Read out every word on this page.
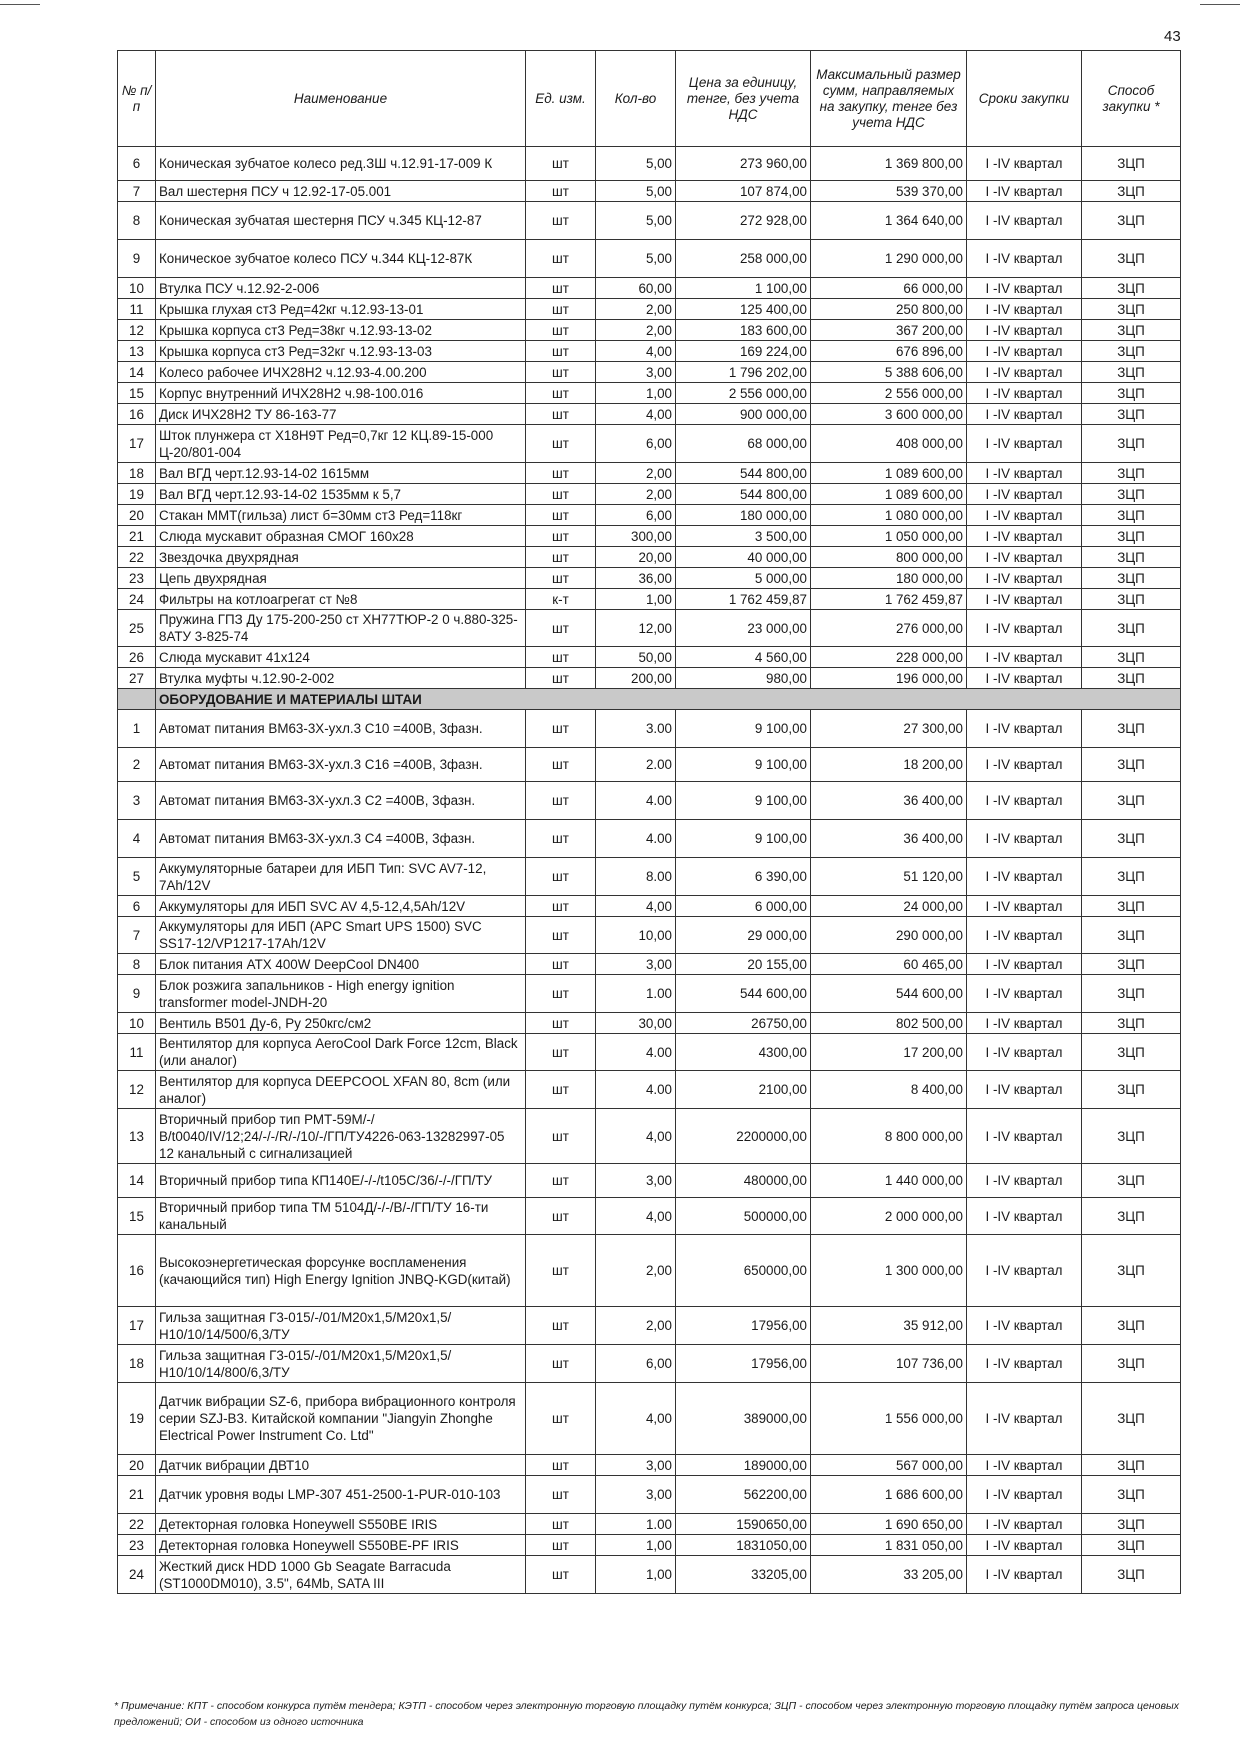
43
№ п/п	Наименование	Ед. изм.	Кол-во	Цена за единицу, тенге, без учета НДС	Максимальный размер сумм, направляемых на закупку, тенге без учета НДС	Сроки закупки	Способ закупки *
6	Коническая зубчатое колесо ред.ЗШ ч.12.91-17-009 К	шт	5,00	273 960,00	1 369 800,00	I -IV квартал	ЗЦП
7	Вал шестерня ПСУ ч 12.92-17-05.001	шт	5,00	107 874,00	539 370,00	I -IV квартал	ЗЦП
8	Коническая зубчатая шестерня ПСУ ч.345 КЦ-12-87	шт	5,00	272 928,00	1 364 640,00	I -IV квартал	ЗЦП
9	Коническое зубчатое колесо ПСУ ч.344 КЦ-12-87К	шт	5,00	258 000,00	1 290 000,00	I -IV квартал	ЗЦП
10	Втулка ПСУ ч.12.92-2-006	шт	60,00	1 100,00	66 000,00	I -IV квартал	ЗЦП
11	Крышка глухая ст3 Ред=42кг ч.12.93-13-01	шт	2,00	125 400,00	250 800,00	I -IV квартал	ЗЦП
12	Крышка корпуса ст3 Ред=38кг ч.12.93-13-02	шт	2,00	183 600,00	367 200,00	I -IV квартал	ЗЦП
13	Крышка корпуса ст3 Ред=32кг ч.12.93-13-03	шт	4,00	169 224,00	676 896,00	I -IV квартал	ЗЦП
14	Колесо рабочее ИЧХ28Н2 ч.12.93-4.00.200	шт	3,00	1 796 202,00	5 388 606,00	I -IV квартал	ЗЦП
15	Корпус внутренний ИЧХ28Н2 ч.98-100.016	шт	1,00	2 556 000,00	2 556 000,00	I -IV квартал	ЗЦП
16	Диск ИЧХ28Н2 ТУ 86-163-77	шт	4,00	900 000,00	3 600 000,00	I -IV квартал	ЗЦП
17	Шток плунжера ст Х18Н9Т Ред=0,7кг 12 КЦ.89-15-000 Ц-20/801-004	шт	6,00	68 000,00	408 000,00	I -IV квартал	ЗЦП
18	Вал ВГД черт.12.93-14-02 1615мм	шт	2,00	544 800,00	1 089 600,00	I -IV квартал	ЗЦП
19	Вал ВГД черт.12.93-14-02 1535мм к 5,7	шт	2,00	544 800,00	1 089 600,00	I -IV квартал	ЗЦП
20	Стакан ММТ(гильза) лист б=30мм ст3 Ред=118кг	шт	6,00	180 000,00	1 080 000,00	I -IV квартал	ЗЦП
21	Слюда мускавит образная СМОГ 160х28	шт	300,00	3 500,00	1 050 000,00	I -IV квартал	ЗЦП
22	Звездочка двухрядная	шт	20,00	40 000,00	800 000,00	I -IV квартал	ЗЦП
23	Цепь двухрядная	шт	36,00	5 000,00	180 000,00	I -IV квартал	ЗЦП
24	Фильтры на котлоагрегат ст №8	к-т	1,00	1 762 459,87	1 762 459,87	I -IV квартал	ЗЦП
25	Пружина ГПЗ Ду 175-200-250 ст ХН77ТЮР-2 0 ч.880-325-8АТУ 3-825-74	шт	12,00	23 000,00	276 000,00	I -IV квартал	ЗЦП
26	Слюда мускавит 41х124	шт	50,00	4 560,00	228 000,00	I -IV квартал	ЗЦП
27	Втулка муфты ч.12.90-2-002	шт	200,00	980,00	196 000,00	I -IV квартал	ЗЦП
	ОБОРУДОВАНИЕ И МАТЕРИАЛЫ ШТАИ						
1	Автомат питания ВМ63-3Х-ухл.3 С10 =400В, 3фазн.	шт	3.00	9 100,00	27 300,00	I -IV квартал	ЗЦП
2	Автомат питания ВМ63-3Х-ухл.3 С16 =400В, 3фазн.	шт	2.00	9 100,00	18 200,00	I -IV квартал	ЗЦП
3	Автомат питания ВМ63-3Х-ухл.3 С2 =400В, 3фазн.	шт	4.00	9 100,00	36 400,00	I -IV квартал	ЗЦП
4	Автомат питания ВМ63-3Х-ухл.3 С4 =400В, 3фазн.	шт	4.00	9 100,00	36 400,00	I -IV квартал	ЗЦП
5	Аккумуляторные батареи для ИБП Тип: SVC AV7-12, 7Ah/12V	шт	8.00	6 390,00	51 120,00	I -IV квартал	ЗЦП
6	Аккумуляторы для ИБП SVC AV 4,5-12,4,5Ah/12V	шт	4,00	6 000,00	24 000,00	I -IV квартал	ЗЦП
7	Аккумуляторы для ИБП (APC Smart UPS 1500) SVC SS17-12/VP1217-17Ah/12V	шт	10,00	29 000,00	290 000,00	I -IV квартал	ЗЦП
8	Блок питания ATX 400W DeepCool DN400	шт	3,00	20 155,00	60 465,00	I -IV квартал	ЗЦП
9	Блок розжига запальников - High energy ignition transformer model-JNDH-20	шт	1.00	544 600,00	544 600,00	I -IV квартал	ЗЦП
10	Вентиль В501 Ду-6, Ру 250кгс/см2	шт	30,00	26750,00	802 500,00	I -IV квартал	ЗЦП
11	Вентилятор для корпуса AeroCool Dark Force 12cm, Black (или аналог)	шт	4.00	4300,00	17 200,00	I -IV квартал	ЗЦП
12	Вентилятор для корпуса DEEPCOOL XFAN 80, 8cm (или аналог)	шт	4.00	2100,00	8 400,00	I -IV квартал	ЗЦП
13	Вторичный прибор тип РМТ-59М/-/В/t0040/IV/12;24/-/-/R/-/10/-/ГП/ТУ4226-063-13282997-05 12 канальный с сигнализацией	шт	4,00	2200000,00	8 800 000,00	I -IV квартал	ЗЦП
14	Вторичный прибор типа КП140Е/-/-/t105С/36/-/-/ГП/ТУ	шт	3,00	480000,00	1 440 000,00	I -IV квартал	ЗЦП
15	Вторичный прибор типа ТМ 5104Д/-/-/В/-/ГП/ТУ 16-ти канальный	шт	4,00	500000,00	2 000 000,00	I -IV квартал	ЗЦП
16	Высокоэнергетическая форсунке воспламенения (качающийся тип) High Energy Ignition JNBQ-KGD(китай)	шт	2,00	650000,00	1 300 000,00	I -IV квартал	ЗЦП
17	Гильза защитная Г3-015/-/01/М20х1,5/М20х1,5/Н10/10/14/500/6,3/ТУ	шт	2,00	17956,00	35 912,00	I -IV квартал	ЗЦП
18	Гильза защитная Г3-015/-/01/М20х1,5/М20х1,5/Н10/10/14/800/6,3/ТУ	шт	6,00	17956,00	107 736,00	I -IV квартал	ЗЦП
19	Датчик вибрации SZ-6, прибора вибрационного контроля серии SZJ-B3. Китайской компании "Jiangyin Zhonghe Electrical Power Instrument Co. Ltd"	шт	4,00	389000,00	1 556 000,00	I -IV квартал	ЗЦП
20	Датчик вибрации ДВТ10	шт	3,00	189000,00	567 000,00	I -IV квартал	ЗЦП
21	Датчик уровня воды LMP-307 451-2500-1-PUR-010-103	шт	3,00	562200,00	1 686 600,00	I -IV квартал	ЗЦП
22	Детекторная головка Honeywell S550BE IRIS	шт	1.00	1590650,00	1 690 650,00	I -IV квартал	ЗЦП
23	Детекторная головка Honeywell S550BE-PF IRIS	шт	1,00	1831050,00	1 831 050,00	I -IV квартал	ЗЦП
24	Жесткий диск HDD 1000 Gb Seagate Barracuda (ST1000DM010), 3.5", 64Mb, SATA III	шт	1,00	33205,00	33 205,00	I -IV квартал	ЗЦП
* Примечание: КПТ - способом конкурса путём тендера; КЭТП - способом через электронную торговую площадку путём конкурса; ЗЦП - способом через электронную торговую площадку путём запроса ценовых предложений; ОИ - способом из одного источника
